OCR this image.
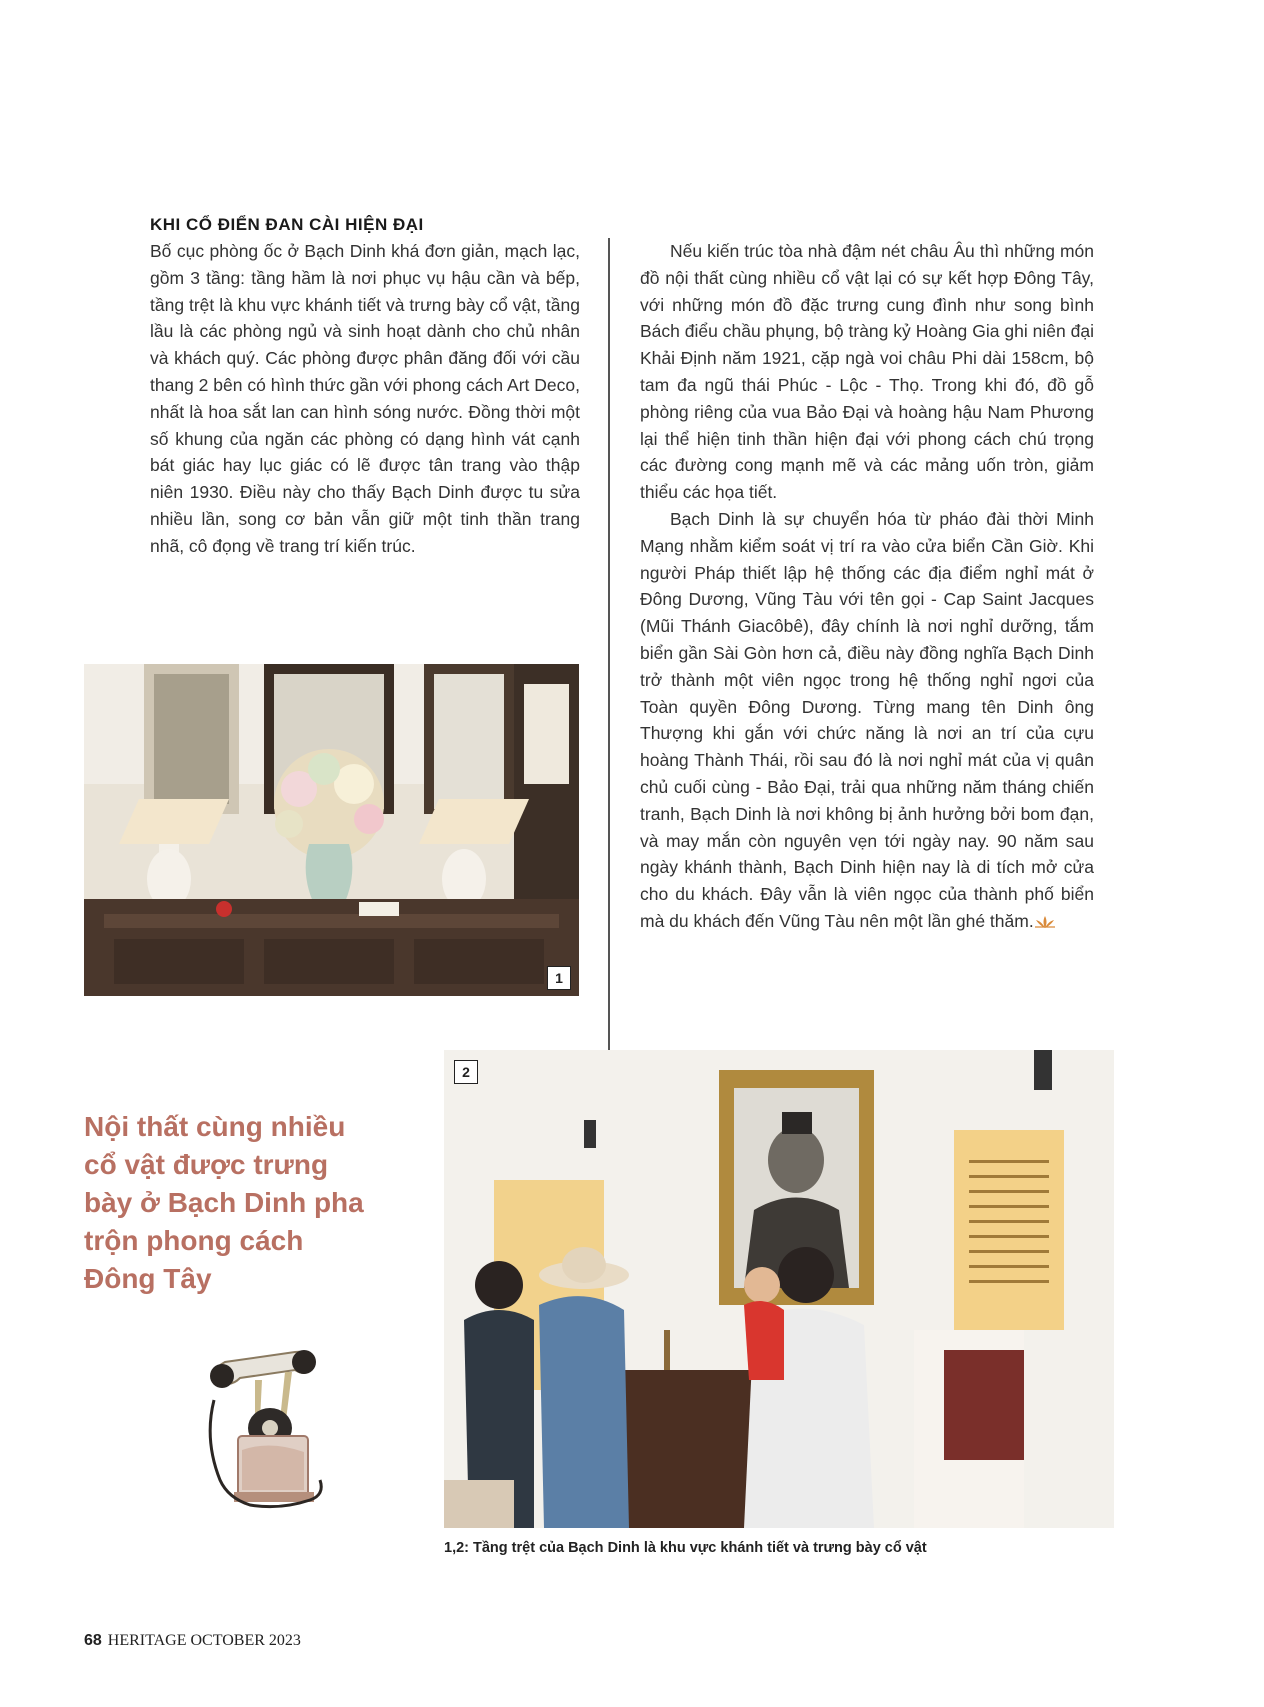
KHI CỔ ĐIỂN ĐAN CÀI HIỆN ĐẠI

Bố cục phòng ốc ở Bạch Dinh khá đơn giản, mạch lạc, gồm 3 tầng: tầng hầm là nơi phục vụ hậu cần và bếp, tầng trệt là khu vực khánh tiết và trưng bày cổ vật, tầng lầu là các phòng ngủ và sinh hoạt dành cho chủ nhân và khách quý. Các phòng được phân đăng đối với cầu thang 2 bên có hình thức gần với phong cách Art Deco, nhất là hoa sắt lan can hình sóng nước. Đồng thời một số khung của ngăn các phòng có dạng hình vát cạnh bát giác hay lục giác có lẽ được tân trang vào thập niên 1930. Điều này cho thấy Bạch Dinh được tu sửa nhiều lần, song cơ bản vẫn giữ một tinh thần trang nhã, cô đọng về trang trí kiến trúc.

Nếu kiến trúc tòa nhà đậm nét châu Âu thì những món đồ nội thất cùng nhiều cổ vật lại có sự kết hợp Đông Tây, với những món đồ đặc trưng cung đình như song bình Bách điểu chầu phụng, bộ tràng kỷ Hoàng Gia ghi niên đại Khải Định năm 1921, cặp ngà voi châu Phi dài 158cm, bộ tam đa ngũ thái Phúc - Lộc - Thọ. Trong khi đó, đồ gỗ phòng riêng của vua Bảo Đại và hoàng hậu Nam Phương lại thể hiện tinh thần hiện đại với phong cách chú trọng các đường cong mạnh mẽ và các mảng uốn tròn, giảm thiểu các họa tiết.

Bạch Dinh là sự chuyển hóa từ pháo đài thời Minh Mạng nhằm kiểm soát vị trí ra vào cửa biển Cần Giờ. Khi người Pháp thiết lập hệ thống các địa điểm nghỉ mát ở Đông Dương, Vũng Tàu với tên gọi - Cap Saint Jacques (Mũi Thánh Giacôbê), đây chính là nơi nghỉ dưỡng, tắm biển gần Sài Gòn hơn cả, điều này đồng nghĩa Bạch Dinh trở thành một viên ngọc trong hệ thống nghỉ ngơi của Toàn quyền Đông Dương. Từng mang tên Dinh ông Thượng khi gắn với chức năng là nơi an trí của cựu hoàng Thành Thái, rồi sau đó là nơi nghỉ mát của vị quân chủ cuối cùng - Bảo Đại, trải qua những năm tháng chiến tranh, Bạch Dinh là nơi không bị ảnh hưởng bởi bom đạn, và may mắn còn nguyên vẹn tới ngày nay. 90 năm sau ngày khánh thành, Bạch Dinh hiện nay là di tích mở cửa cho du khách. Đây vẫn là viên ngọc của thành phố biển mà du khách đến Vũng Tàu nên một lần ghé thăm.

1
2
Nội thất cùng nhiều cổ vật được trưng bày ở Bạch Dinh pha trộn phong cách Đông Tây
1,2: Tầng trệt của Bạch Dinh là khu vực khánh tiết và trưng bày cổ vật
68 HERITAGE OCTOBER 2023
